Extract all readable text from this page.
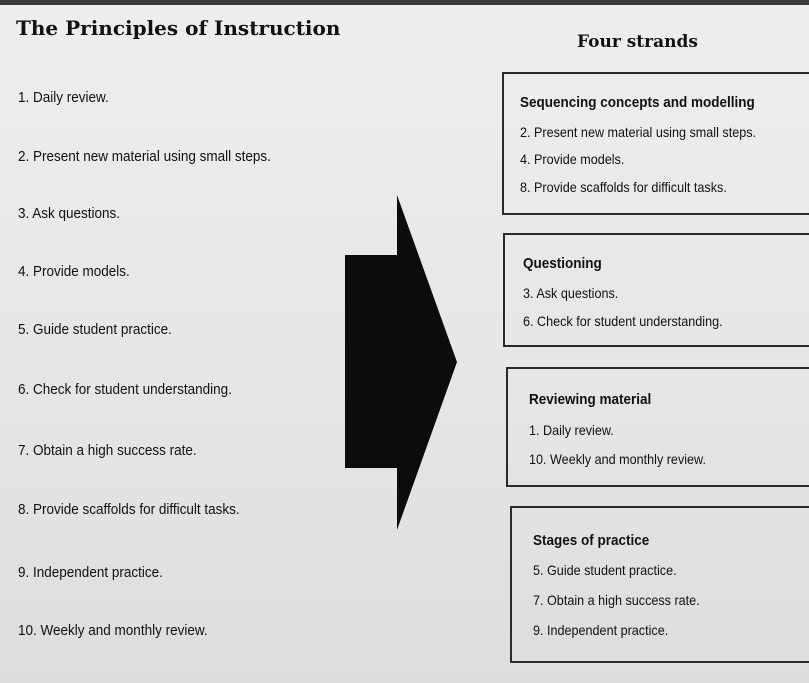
The Principles of Instruction
Four strands
1. Daily review.
2. Present new material using small steps.
3. Ask questions.
4. Provide models.
5. Guide student practice.
6. Check for student understanding.
7. Obtain a high success rate.
8. Provide scaffolds for difficult tasks.
9. Independent practice.
10. Weekly and monthly review.
Sequencing concepts and modelling
2. Present new material using small steps.
4. Provide models.
8. Provide scaffolds for difficult tasks.
Questioning
3. Ask questions.
6. Check for student understanding.
Reviewing material
1. Daily review.
10. Weekly and monthly review.
Stages of practice
5. Guide student practice.
7. Obtain a high success rate.
9. Independent practice.
